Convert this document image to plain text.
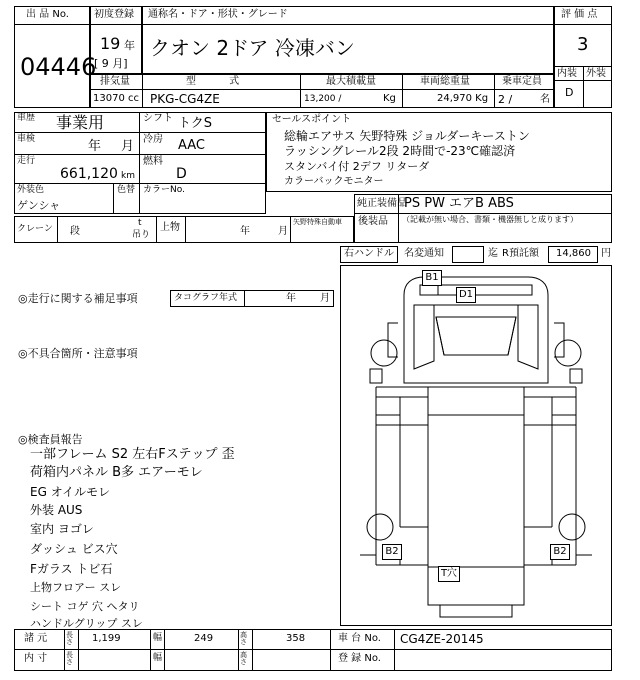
出 品 No.
04446
初度登録
19 年
[ 9 月]
通称名・ドア・形状・グレード
クオン 2ドア 冷凍バン
評 価 点
3
内装 外装
D
排気量
13070 cc
型 式
PKG-CG4ZE
最大積載量
13,200 /	Kg
車両総重量
24,970 Kg
乗車定員
2 /	名
車歴 事業用	シフト トクS
車検	年 月 冷房 AAC
走行
661,120 km
燃料
D
外装色
ゲンシャ
色替 カラーNo.
クレーン 段
t
吊り
上物	年	月
矢野特殊自動車
セールスポイント
総輪エアサス 矢野特殊 ジョルダーキーストン
ラッシングレール2段 2時間で-23℃確認済
スタンバイ付 2デフ リターダ
カラーバックモニター
純正装備品
PS PW エアB ABS
後装品 （記載が無い場合、書類・機器無しと成ります）
右ハンドル 名変通知	迄 R預託額 14,860 円
◎走行に関する補足事項	タコグラフ年式	年 月
◎不具合箇所・注意事項
◎検査員報告
一部フレーム S2 左右Fステップ 歪
荷箱内パネル B多 エアーモレ
EG オイルモレ
外装 AUS
室内 ヨゴレ
ダッシュ ビス穴
Fガラス トビ石
上物フロアー スレ
シート コゲ 穴 ヘタリ
ハンドルグリップ スレ
B1
D1
B2	B2
T穴
諸 元	長さ	1,199	幅	249	高さ	358	車 台 No. CG4ZE-20145
内 寸	長さ	幅	高さ	登 録 No.
